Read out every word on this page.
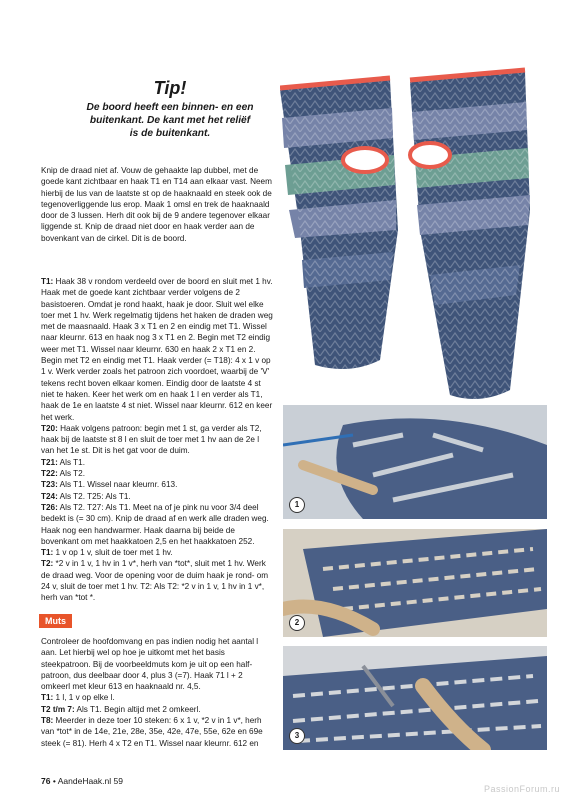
Tip!
De boord heeft een binnen- en een
buitenkant. De kant met het reliëf
is de buitenkant.

Knip de draad niet af. Vouw de gehaakte lap dubbel, met de goede kant zichtbaar en haak T1 en T14 aan elkaar vast. Neem hierbij de lus van de laatste st op de haaknaald en steek ook de tegenoverliggende lus erop. Maak 1 omsl en trek de haaknaald door de 3 lussen. Herh dit ook bij de 9 andere tegenover elkaar liggende st. Knip de draad niet door en haak verder aan de bovenkant van de cirkel. Dit is de boord.

T1: Haak 38 v rondom verdeeld over de boord en sluit met 1 hv. Haak met de goede kant zichtbaar verder volgens de 2 basistoeren. Omdat je rond haakt, haak je door. Sluit wel elke toer met 1 hv. Werk regelmatig tijdens het haken de draden weg met de maasnaald. Haak 3 x T1 en 2 en eindig met T1. Wissel naar kleurnr. 613 en haak nog 3 x T1 en 2. Begin met T2 eindig weer met T1. Wissel naar kleurnr. 630 en haak 2 x T1 en 2. Begin met T2 en eindig met T1. Haak verder (= T18): 4 x 1 v op 1 v. Werk verder zoals het patroon zich voordoet, waarbij de 'V' tekens recht boven elkaar komen. Eindig door de laatste 4 st niet te haken. Keer het werk om en haak 1 l en verder als T1, haak de 1e en laatste 4 st niet. Wissel naar kleurnr. 612 en keer het werk.

T20: Haak volgens patroon: begin met 1 st, ga verder als T2, haak bij de laatste st 8 l en sluit de toer met 1 hv aan de 2e l van het 1e st. Dit is het gat voor de duim.

T21: Als T1.

T22: Als T2.

T23: Als T1. Wissel naar kleurnr. 613.

T24: Als T2. T25: Als T1.

T26: Als T2. T27: Als T1. Meet na of je pink nu voor 3/4 deel bedekt is (= 30 cm). Knip de draad af en werk alle draden weg. Haak nog een handwarmer. Haak daarna bij beide de bovenkant om met haakkatoen 2,5 en het haakkatoen 252.

T1: 1 v op 1 v, sluit de toer met 1 hv.

T2: *2 v in 1 v, 1 hv in 1 v*, herh van *tot*, sluit met 1 hv. Werk de draad weg. Voor de opening voor de duim haak je rond- om 24 v, sluit de toer met 1 hv. T2: Als T2: *2 v in 1 v, 1 hv in 1 v*, herh van *tot *.

Muts

Controleer de hoofdomvang en pas indien nodig het aantal l aan. Let hierbij wel op hoe je uitkomt met het basis steekpatroon. Bij de voorbeeldmuts kom je uit op een half-patroon, dus deelbaar door 4, plus 3 (=7). Haak 71 l + 2 omkeerl met kleur 613 en haaknaald nr. 4,5.

T1: 1 l, 1 v op elke l.

T2 t/m 7: Als T1. Begin altijd met 2 omkeerl.

T8: Meerder in deze toer 10 steken: 6 x 1 v, *2 v in 1 v*, herh van *tot* in de 14e, 21e, 28e, 35e, 42e, 47e, 55e, 62e en 69e steek (= 81). Herh 4 x T2 en T1. Wissel naar kleurnr. 612 en

76 • AandeHaak.nl 59
1
2
3
PassionForum.ru
